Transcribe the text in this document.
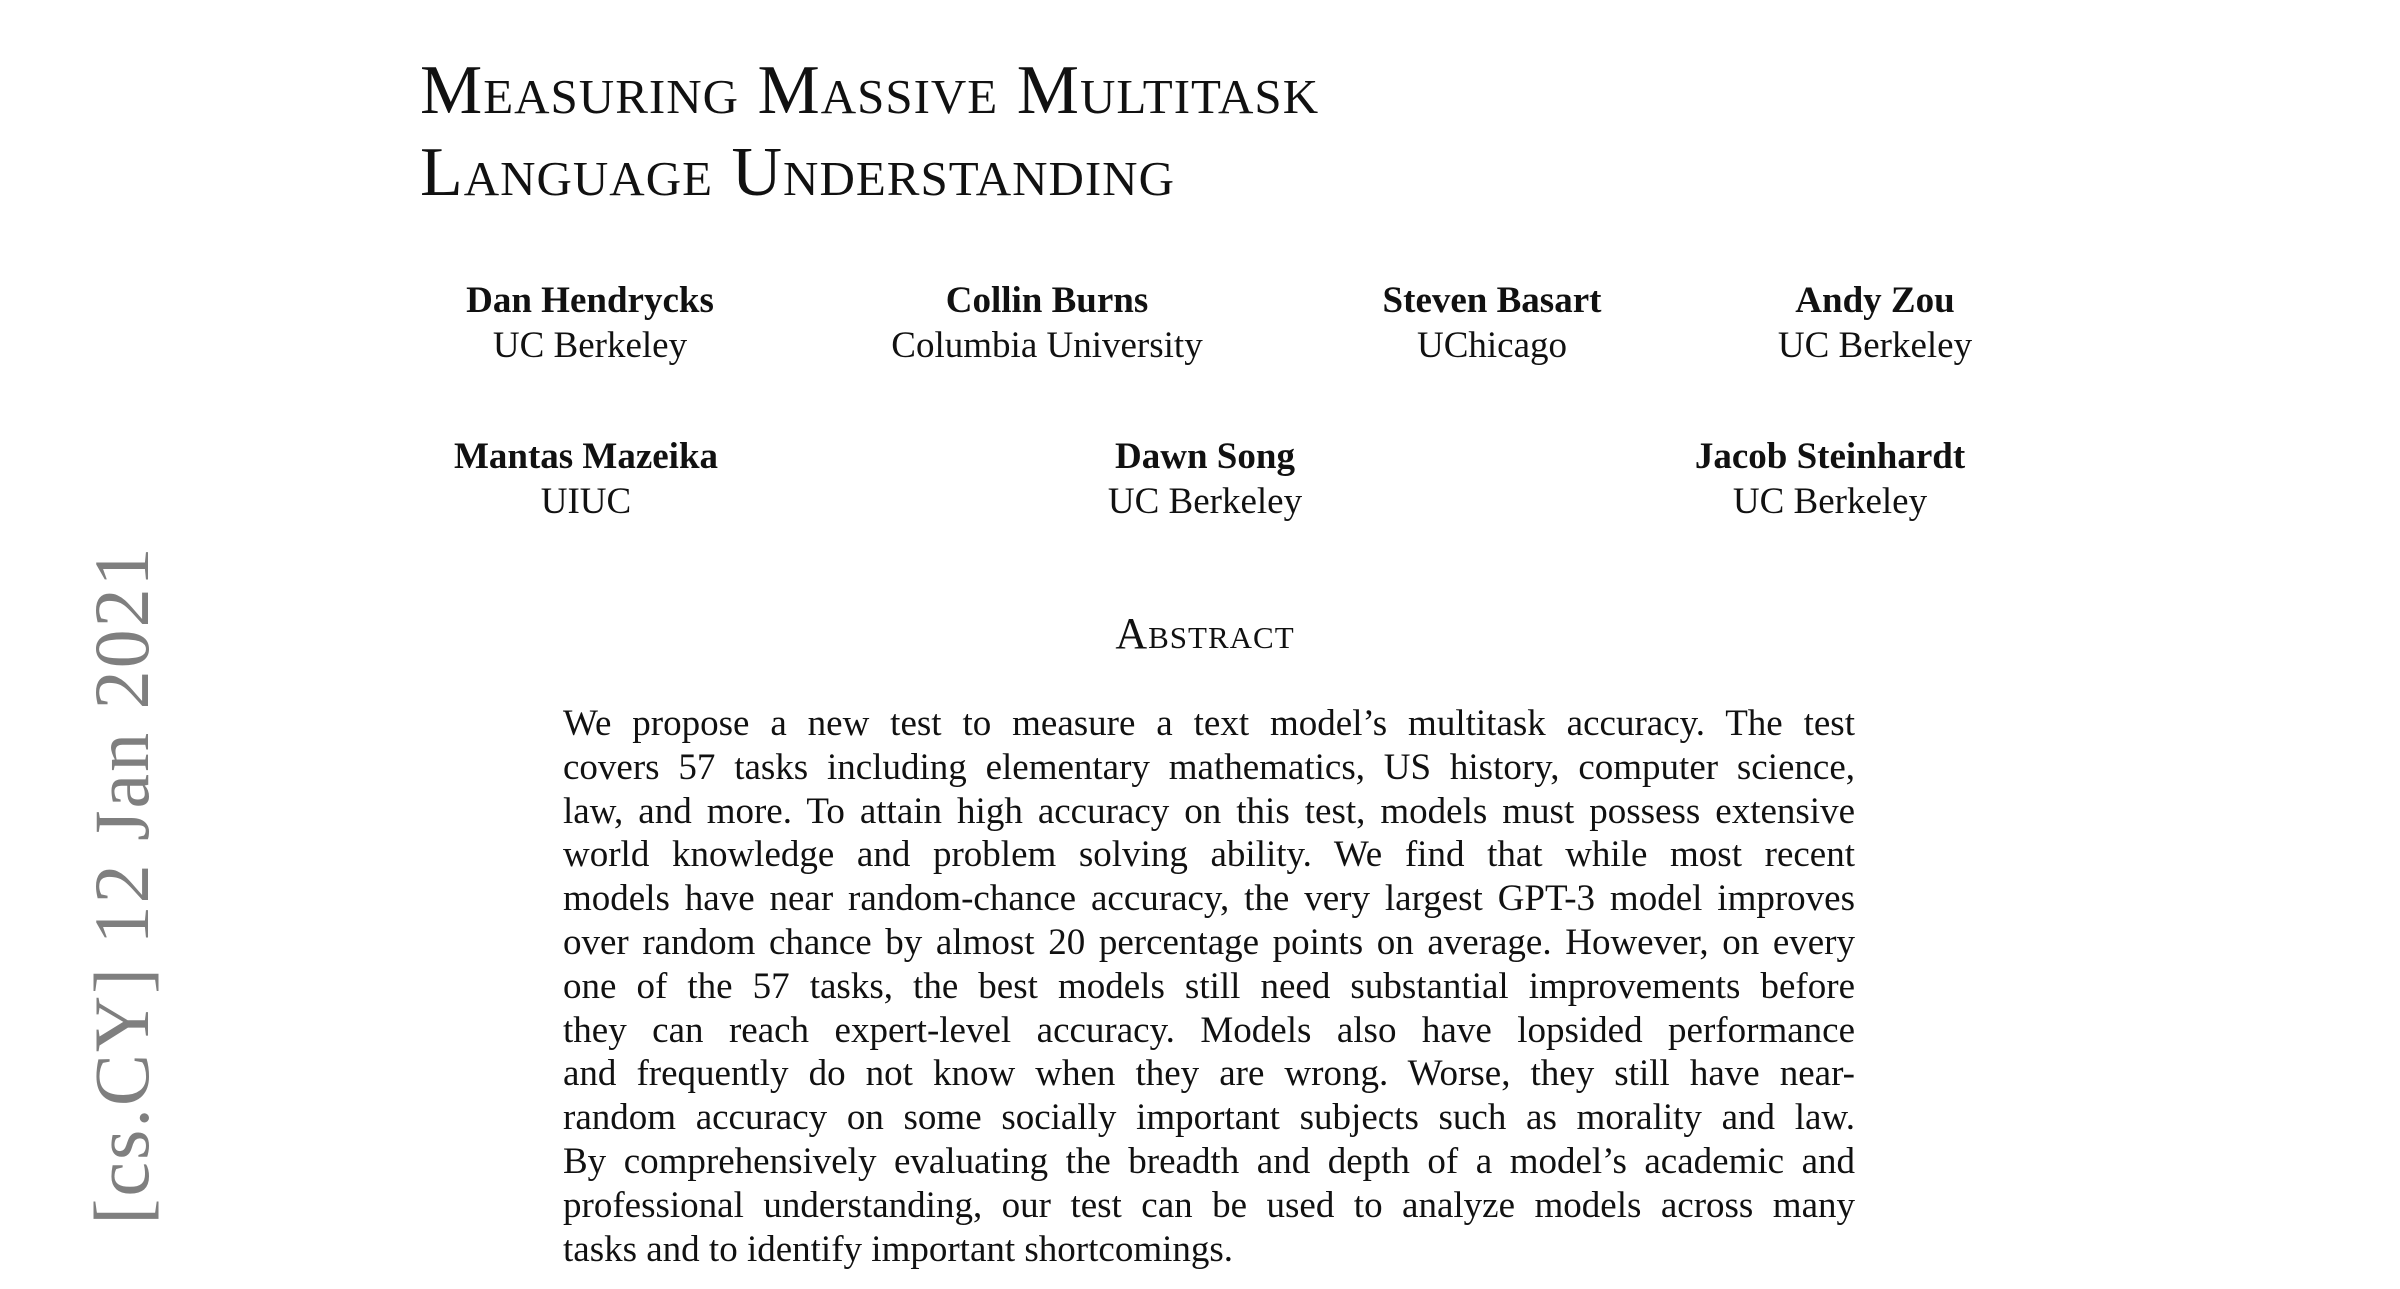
Measuring Massive Multitask
Language Understanding
Dan Hendrycks
UC Berkeley
Collin Burns
Columbia University
Steven Basart
UChicago
Andy Zou
UC Berkeley
Mantas Mazeika
UIUC
Dawn Song
UC Berkeley
Jacob Steinhardt
UC Berkeley
Abstract

We propose a new test to measure a text model’s multitask accuracy. The test
covers 57 tasks including elementary mathematics, US history, computer science,
law, and more. To attain high accuracy on this test, models must possess extensive
world knowledge and problem solving ability. We find that while most recent
models have near random-chance accuracy, the very largest GPT-3 model improves
over random chance by almost 20 percentage points on average. However, on every
one of the 57 tasks, the best models still need substantial improvements before
they can reach expert-level accuracy. Models also have lopsided performance
and frequently do not know when they are wrong. Worse, they still have near-
random accuracy on some socially important subjects such as morality and law.
By comprehensively evaluating the breadth and depth of a model’s academic and
professional understanding, our test can be used to analyze models across many
tasks and to identify important shortcomings.

[cs.CY] 12 Jan 2021
